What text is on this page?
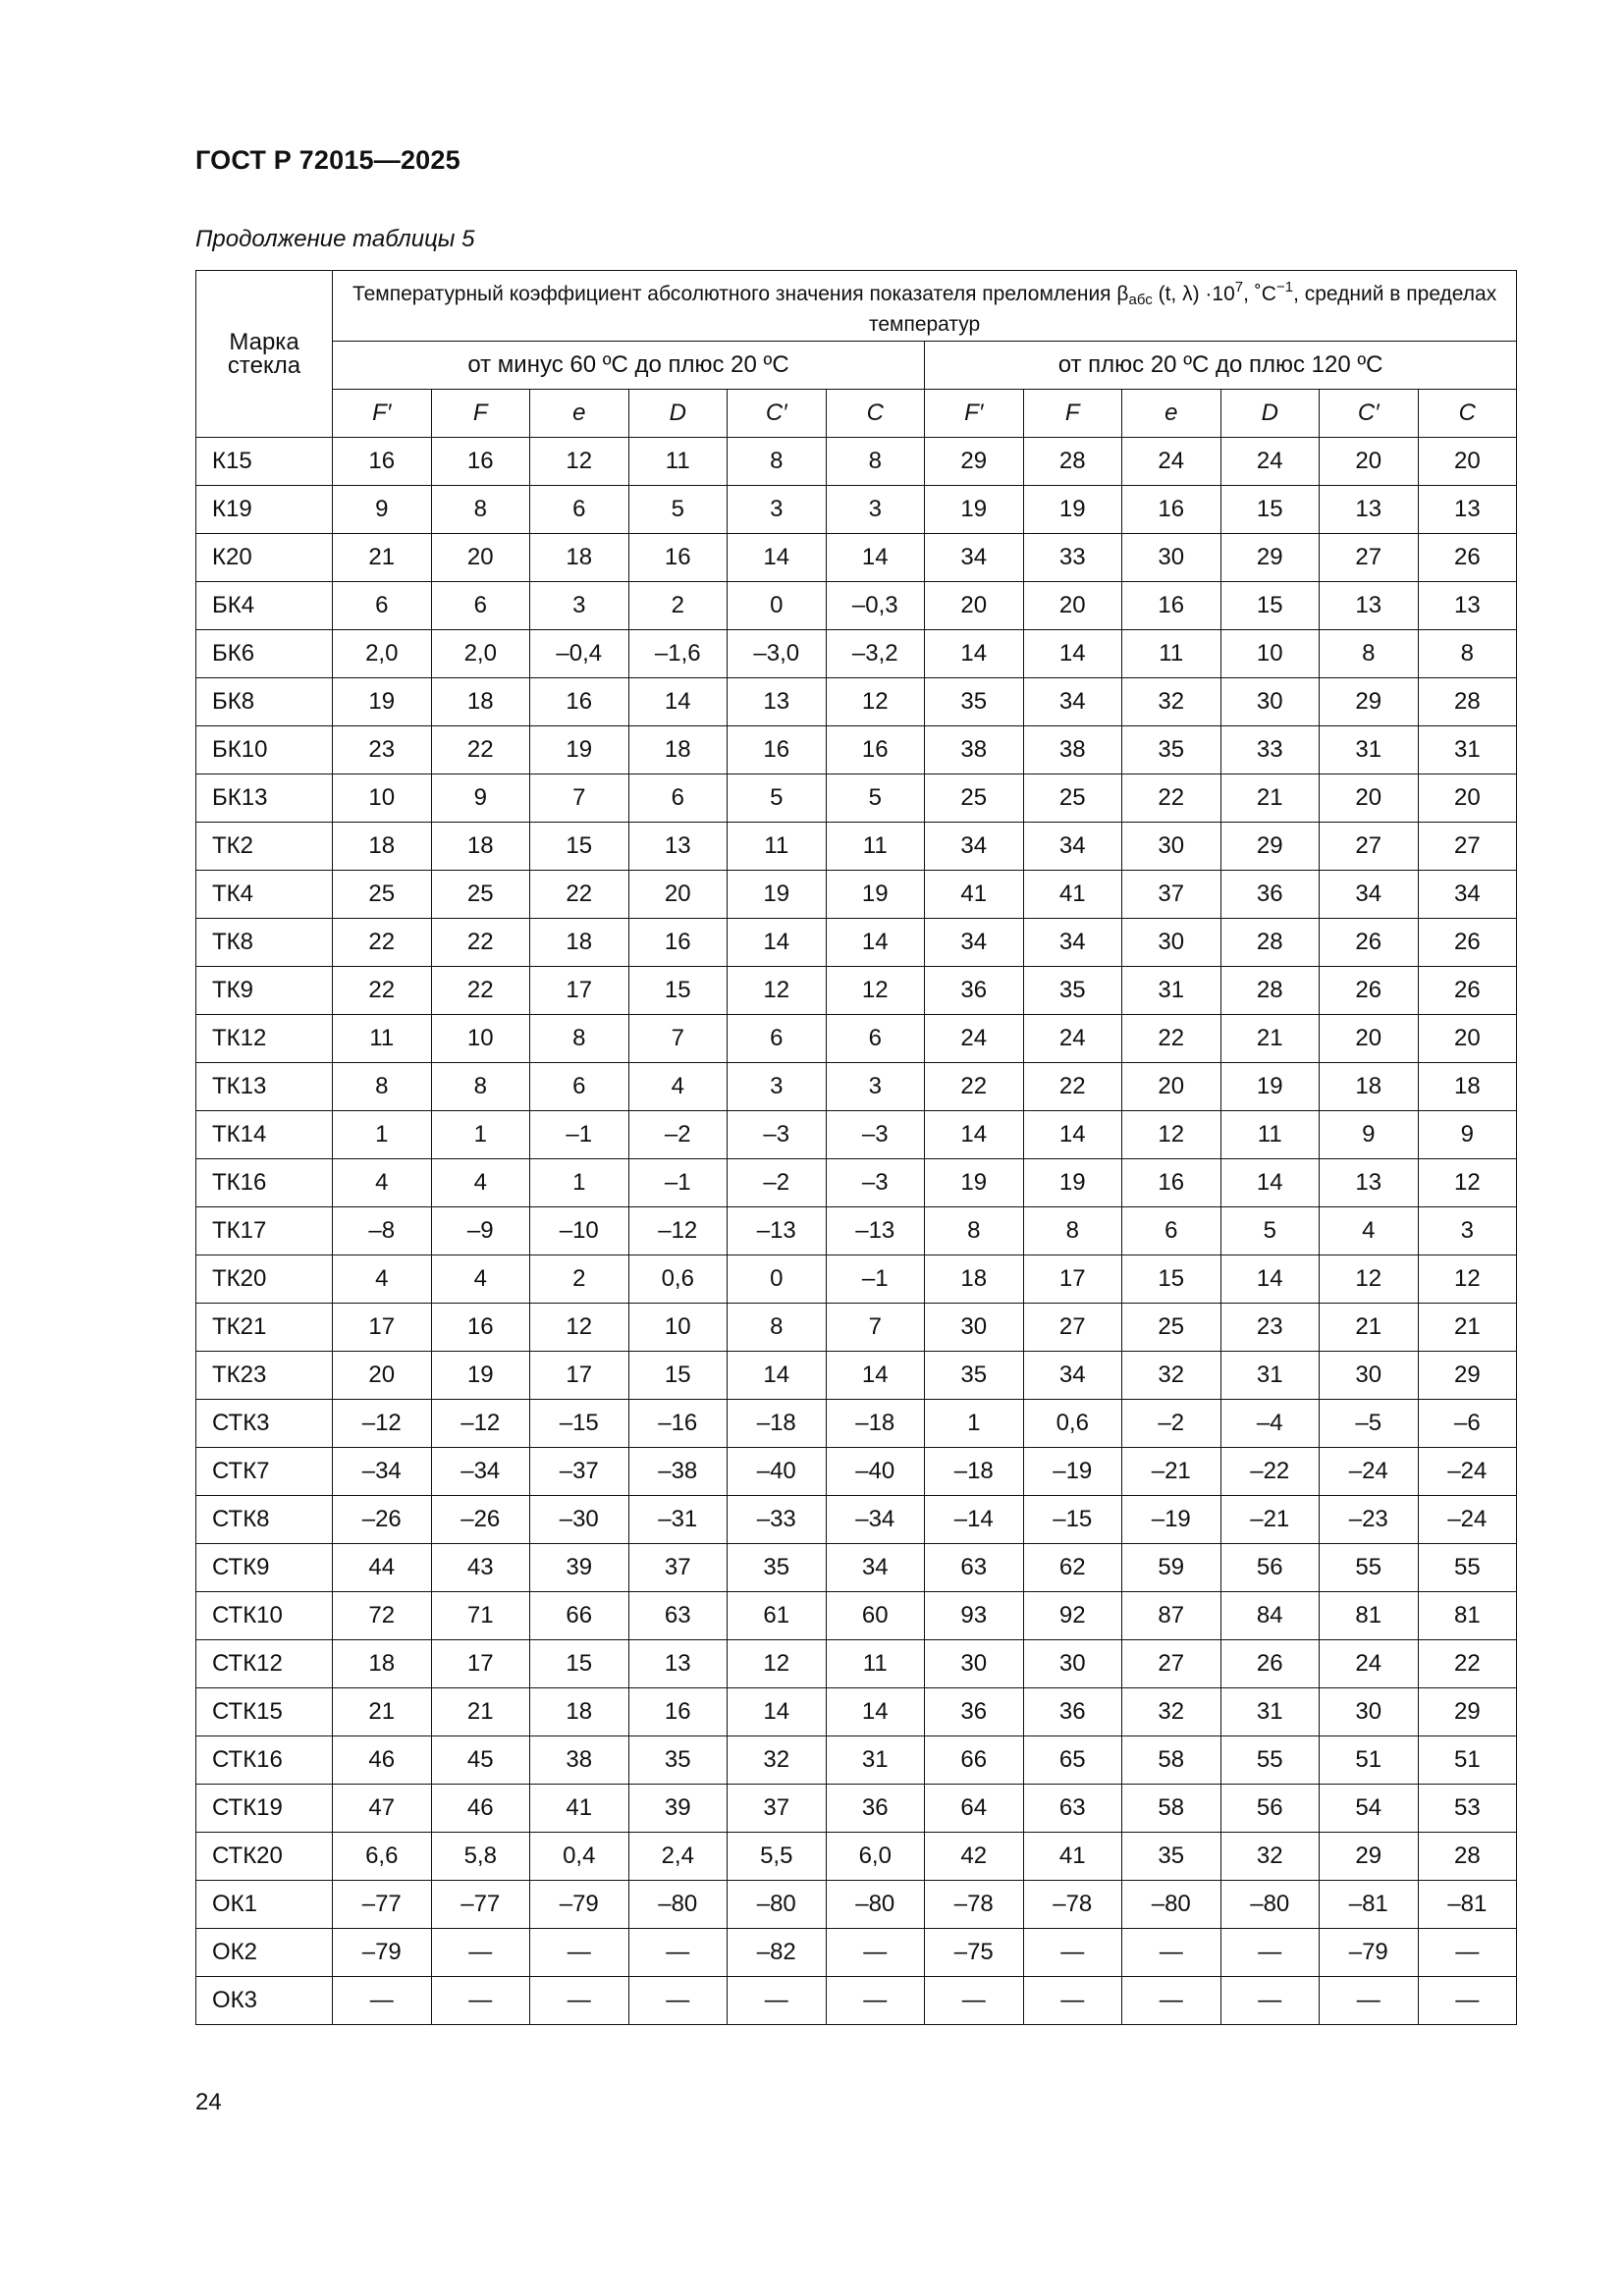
ГОСТ Р 72015—2025
Продолжение таблицы 5
Марка стекла	Температурный коэффициент абсолютного значения показателя преломления $\beta_{абс}$ (t, $\lambda) \cdot 10^7$, $˚C^{-1}$, средний в пределах температур											
	от минус 60 ºС до плюс 20 ºС						от плюс 20 ºС до плюс 120 ºС					
	F′	F	e	D	C′	C	F′	F	e	D	C′	C
К15	16	16	12	11	8	8	29	28	24	24	20	20
К19	9	8	6	5	3	3	19	19	16	15	13	13
К20	21	20	18	16	14	14	34	33	30	29	27	26
БК4	6	6	3	2	0	–0,3	20	20	16	15	13	13
БК6	2,0	2,0	–0,4	–1,6	–3,0	–3,2	14	14	11	10	8	8
БК8	19	18	16	14	13	12	35	34	32	30	29	28
БК10	23	22	19	18	16	16	38	38	35	33	31	31
БК13	10	9	7	6	5	5	25	25	22	21	20	20
ТК2	18	18	15	13	11	11	34	34	30	29	27	27
ТК4	25	25	22	20	19	19	41	41	37	36	34	34
ТК8	22	22	18	16	14	14	34	34	30	28	26	26
ТК9	22	22	17	15	12	12	36	35	31	28	26	26
ТК12	11	10	8	7	6	6	24	24	22	21	20	20
ТК13	8	8	6	4	3	3	22	22	20	19	18	18
ТК14	1	1	–1	–2	–3	–3	14	14	12	11	9	9
ТК16	4	4	1	–1	–2	–3	19	19	16	14	13	12
ТК17	–8	–9	–10	–12	–13	–13	8	8	6	5	4	3
ТК20	4	4	2	0,6	0	–1	18	17	15	14	12	12
ТК21	17	16	12	10	8	7	30	27	25	23	21	21
ТК23	20	19	17	15	14	14	35	34	32	31	30	29
СТК3	–12	–12	–15	–16	–18	–18	1	0,6	–2	–4	–5	–6
СТК7	–34	–34	–37	–38	–40	–40	–18	–19	–21	–22	–24	–24
СТК8	–26	–26	–30	–31	–33	–34	–14	–15	–19	–21	–23	–24
СТК9	44	43	39	37	35	34	63	62	59	56	55	55
СТК10	72	71	66	63	61	60	93	92	87	84	81	81
СТК12	18	17	15	13	12	11	30	30	27	26	24	22
СТК15	21	21	18	16	14	14	36	36	32	31	30	29
СТК16	46	45	38	35	32	31	66	65	58	55	51	51
СТК19	47	46	41	39	37	36	64	63	58	56	54	53
СТК20	6,6	5,8	0,4	2,4	5,5	6,0	42	41	35	32	29	28
ОК1	–77	–77	–79	–80	–80	–80	–78	–78	–80	–80	–81	–81
ОК2	–79	—	—	—	–82	—	–75	—	—	—	–79	—
ОК3	—	—	—	—	—	—	—	—	—	—	—	—
24
